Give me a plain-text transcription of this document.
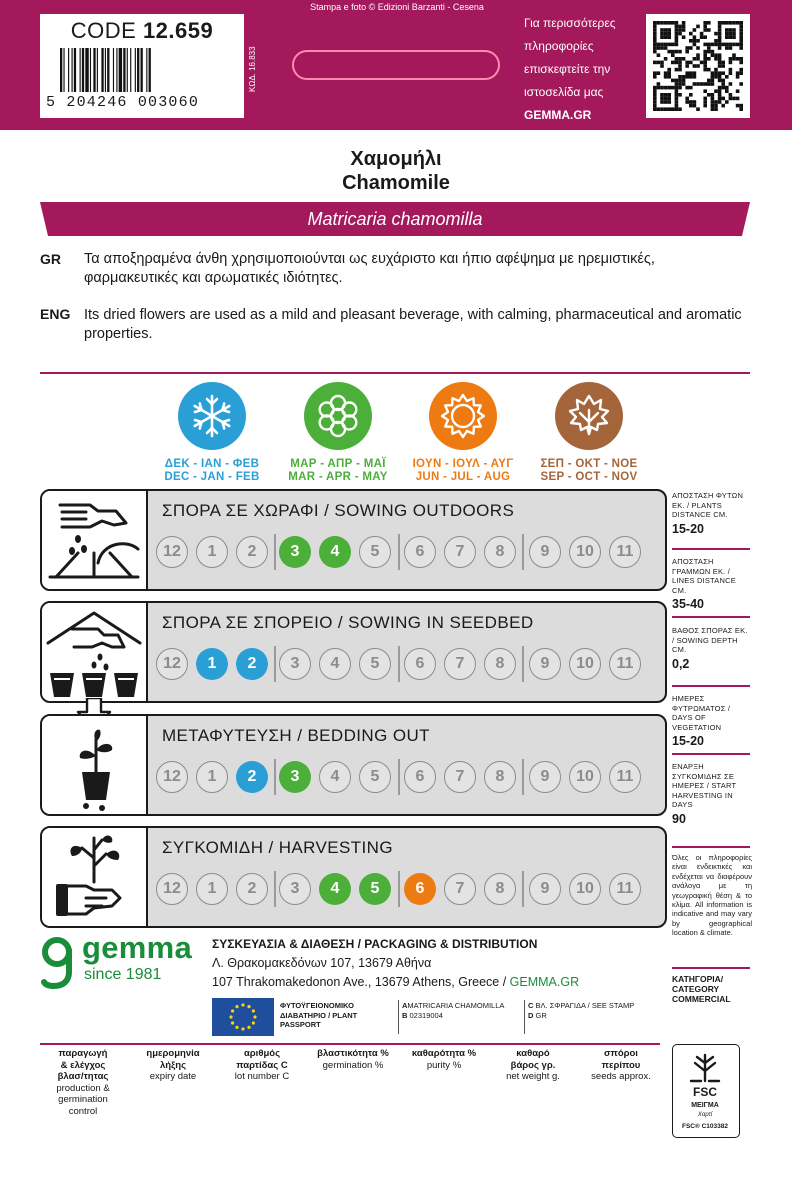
CODE 12.659
5 204246 003060
ΚΩΔ. 16.833
Stampa e foto © Edizioni Barzanti - Cesena
Για περισσότερες
πληροφορίες
επισκεφτείτε την
ιστοσελίδα μας
GEMMA.GR
Χαμομήλι
Chamomile
Matricaria chamomilla
GR Τα αποξηραμένα άνθη χρησιμοποιούνται ως ευχάριστο και ήπιο αφέψημα με ηρεμιστικές, φαρμακευτικές και αρωματικές ιδιότητες.
ENG Its dried flowers are used as a mild and pleasant beverage, with calming, pharmaceutical and aromatic properties.
ΔΕΚ - ΙΑΝ - ΦΕΒ
DEC - JAN - FEB
ΜΑΡ - ΑΠΡ - ΜΑΪ
MAR - APR - MAY
ΙΟΥΝ - ΙΟΥΛ - ΑΥΓ
JUN - JUL - AUG
ΣΕΠ - ΟΚΤ - ΝΟΕ
SEP - OCT - NOV
ΣΠΟΡΑ ΣΕ ΧΩΡΑΦΙ / SOWING OUTDOORS
12	1	2	3	4	5	6	7	8	9	10	11
ΣΠΟΡΑ ΣΕ ΣΠΟΡΕΙΟ / SOWING IN SEEDBED
12	1	2	3	4	5	6	7	8	9	10	11
ΜΕΤΑΦΥΤΕΥΣΗ / BEDDING OUT
12	1	2	3	4	5	6	7	8	9	10	11
ΣΥΓΚΟΜΙΔΗ / HARVESTING
12	1	2	3	4	5	6	7	8	9	10	11
ΑΠΟΣΤΑΣΗ ΦΥΤΩΝ ΕΚ. / PLANTS DISTANCE CM.
15-20
ΑΠΟΣΤΑΣΗ ΓΡΑΜΜΩΝ ΕΚ. / LINES DISTANCE CM.
35-40
ΒΑΘΟΣ ΣΠΟΡΑΣ ΕΚ. / SOWING DEPTH CM.
0,2
ΗΜΕΡΕΣ ΦΥΤΡΩΜΑΤΟΣ / DAYS OF VEGETATION
15-20
ΕΝΑΡΞΗ ΣΥΓΚΟΜΙΔΗΣ ΣΕ ΗΜΕΡΕΣ / START HARVESTING IN DAYS
90
Όλες οι πληροφορίες είναι ενδεικτικές και ενδέχεται να διαφέρουν ανάλογα με τη γεωγραφική θέση & το κλίμα. All information is indicative and may vary by geographical location & climate.
ΚΑΤΗΓΟΡΙΑ/ CATEGORY
COMMERCIAL
gemma
since 1981
ΣΥΣΚΕΥΑΣΙΑ & ΔΙΑΘΕΣΗ / PACKAGING & DISTRIBUTION
Λ. Θρακομακεδόνων 107, 13679 Αθήνα
107 Thrakomakedonon Ave., 13679 Athens, Greece / GEMMA.GR
ΦΥΤΟΫΓΕΙΟΝΟΜΙΚΟ ΔΙΑΒΑΤΗΡΙΟ / PLANT PASSPORT
AMATRICARIA CHAMOMILLA
B 02319004
C ΒΛ. ΣΦΡΑΓΙΔΑ / SEE STAMP
D GR
παραγωγή
& ελέγχος
βλασ/τητας
production &
germination
control
ημερομηνία
λήξης
expiry date
αριθμός
παρτίδας C
lot number C
βλαστικότητα %
germination %
καθαρότητα %
purity %
καθαρό
βάρος γρ.
net weight g.
σπόροι
περίπου
seeds approx.
FSC
ΜΕΙΓΜΑ
Χαρτί
FSC® C103382
